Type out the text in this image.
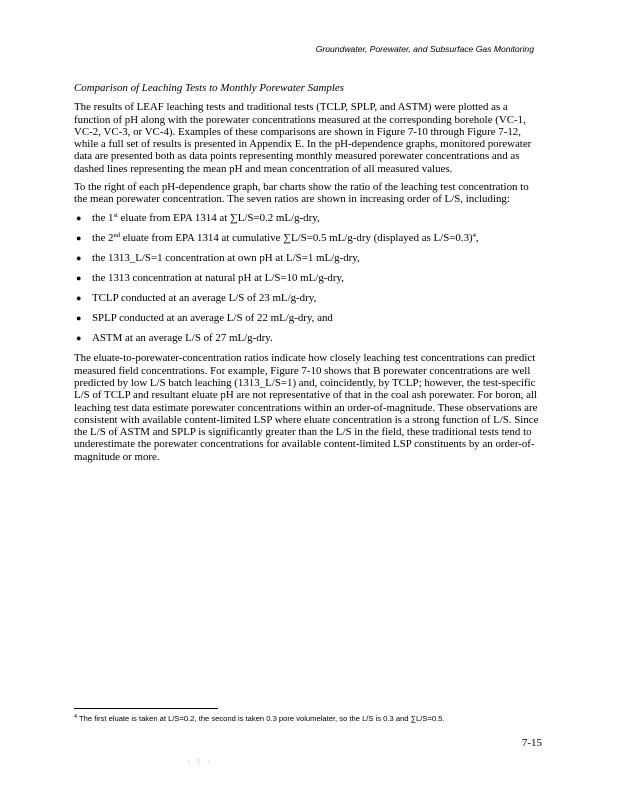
Groundwater, Porewater, and Subsurface Gas Monitoring
Comparison of Leaching Tests to Monthly Porewater Samples

The results of LEAF leaching tests and traditional tests (TCLP, SPLP, and ASTM) were plotted as a function of pH along with the porewater concentrations measured at the corresponding borehole (VC-1, VC-2, VC-3, or VC-4). Examples of these comparisons are shown in Figure 7-10 through Figure 7-12, while a full set of results is presented in Appendix E. In the pH-dependence graphs, monitored porewater data are presented both as data points representing monthly measured porewater concentrations and as dashed lines representing the mean pH and mean concentration of all measured values.

To the right of each pH-dependence graph, bar charts show the ratio of the leaching test concentration to the mean porewater concentration. The seven ratios are shown in increasing order of L/S, including:

● the 1st eluate from EPA 1314 at ∑L/S=0.2 mL/g-dry,
● the 2nd eluate from EPA 1314 at cumulative ∑L/S=0.5 mL/g-dry (displayed as L/S=0.3)$^4$,
● the 1313_L/S=1 concentration at own pH at L/S=1 mL/g-dry,
● the 1313 concentration at natural pH at L/S=10 mL/g-dry,
● TCLP conducted at an average L/S of 23 mL/g-dry,
● SPLP conducted at an average L/S of 22 mL/g-dry, and
● ASTM at an average L/S of 27 mL/g-dry.

The eluate-to-porewater-concentration ratios indicate how closely leaching test concentrations can predict measured field concentrations. For example, Figure 7-10 shows that B porewater concentrations are well predicted by low L/S batch leaching (1313_L/S=1) and, coincidently, by TCLP; however, the test-specific L/S of TCLP and resultant eluate pH are not representative of that in the coal ash porewater. For boron, all leaching test data estimate porewater concentrations within an order-of-magnitude. These observations are consistent with available content-limited LSP where eluate concentration is a strong function of L/S. Since the L/S of ASTM and SPLP is significantly greater than the L/S in the field, these traditional tests tend to underestimate the porewater concentrations for available content-limited LSP constituents by an order-of-magnitude or more.

$^4$ The first eluate is taken at L/S=0.2, the second is taken 0.3 pore volumelater, so the L/S is 0.3 and ∑L/S=0.5.
7-15
. : .
